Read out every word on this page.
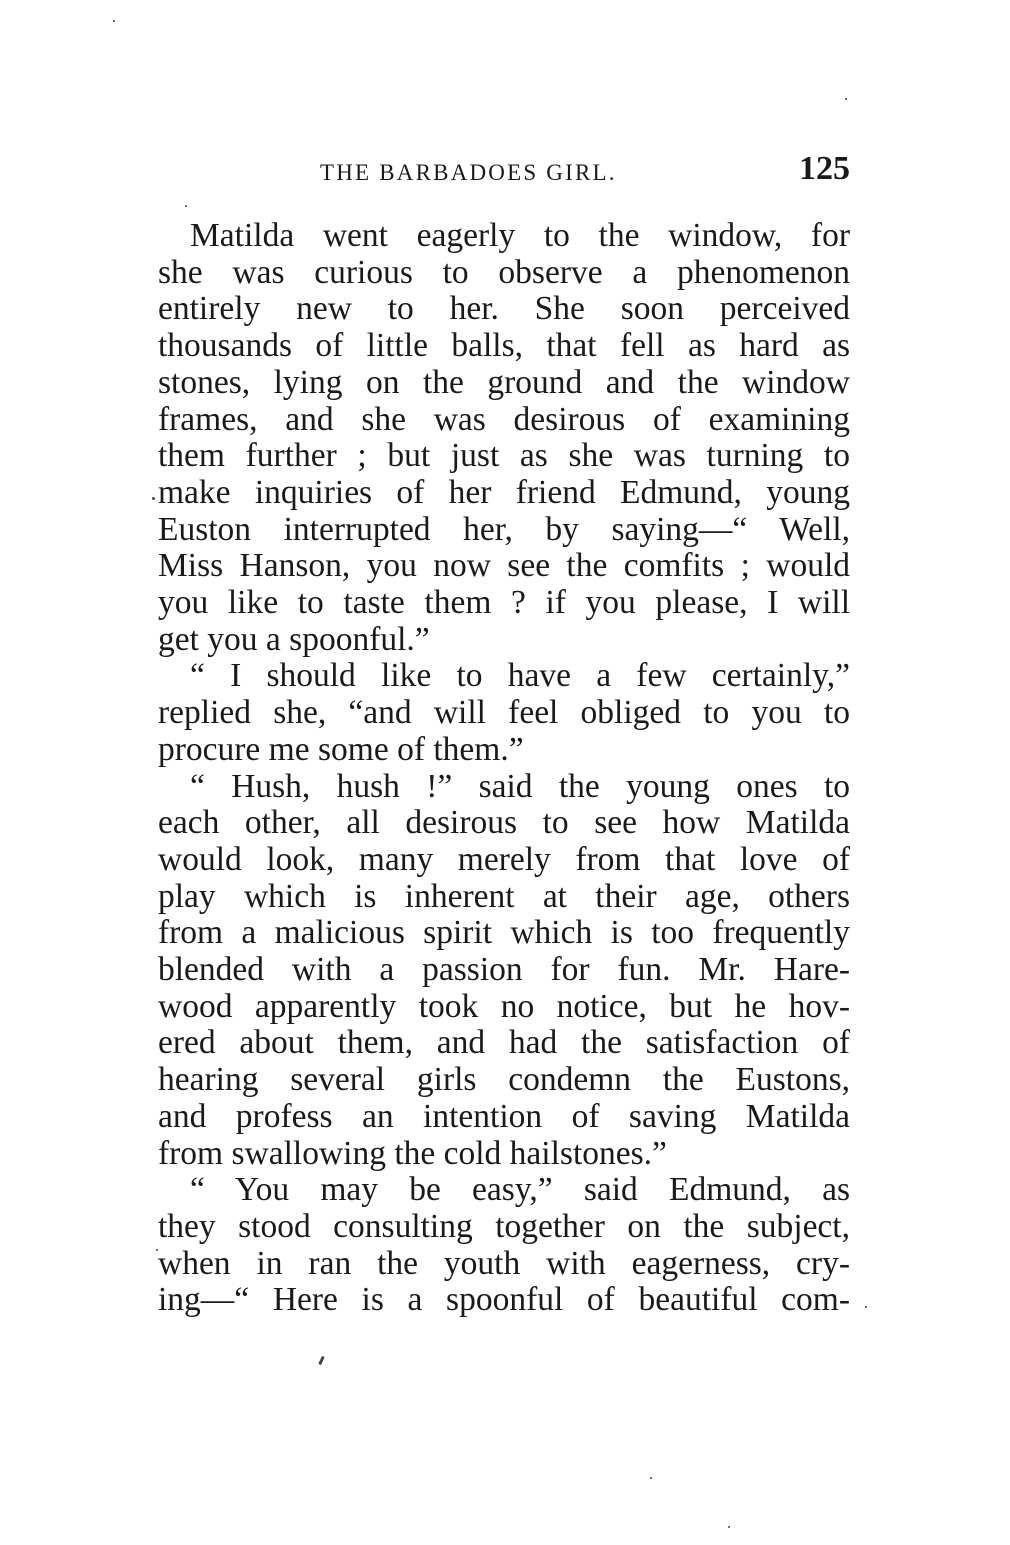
THE BARBADOES GIRL.	125
Matilda went eagerly to the window, for
she was curious to observe a phenomenon
entirely new to her. She soon perceived
thousands of little balls, that fell as hard as
stones, lying on the ground and the window
frames, and she was desirous of examining
them further ; but just as she was turning to
make inquiries of her friend Edmund, young
Euston interrupted her, by saying—“ Well,
Miss Hanson, you now see the comfits ; would
you like to taste them ? if you please, I will
get you a spoonful.”
“ I should like to have a few certainly,”
replied she, “and will feel obliged to you to
procure me some of them.”
“ Hush, hush !” said the young ones to
each other, all desirous to see how Matilda
would look, many merely from that love of
play which is inherent at their age, others
from a malicious spirit which is too frequently
blended with a passion for fun. Mr. Hare-
wood apparently took no notice, but he hov-
ered about them, and had the satisfaction of
hearing several girls condemn the Eustons,
and profess an intention of saving Matilda
from swallowing the cold hailstones.”
“ You may be easy,” said Edmund, as
they stood consulting together on the subject,
when in ran the youth with eagerness, cry-
ing—“ Here is a spoonful of beautiful com-
